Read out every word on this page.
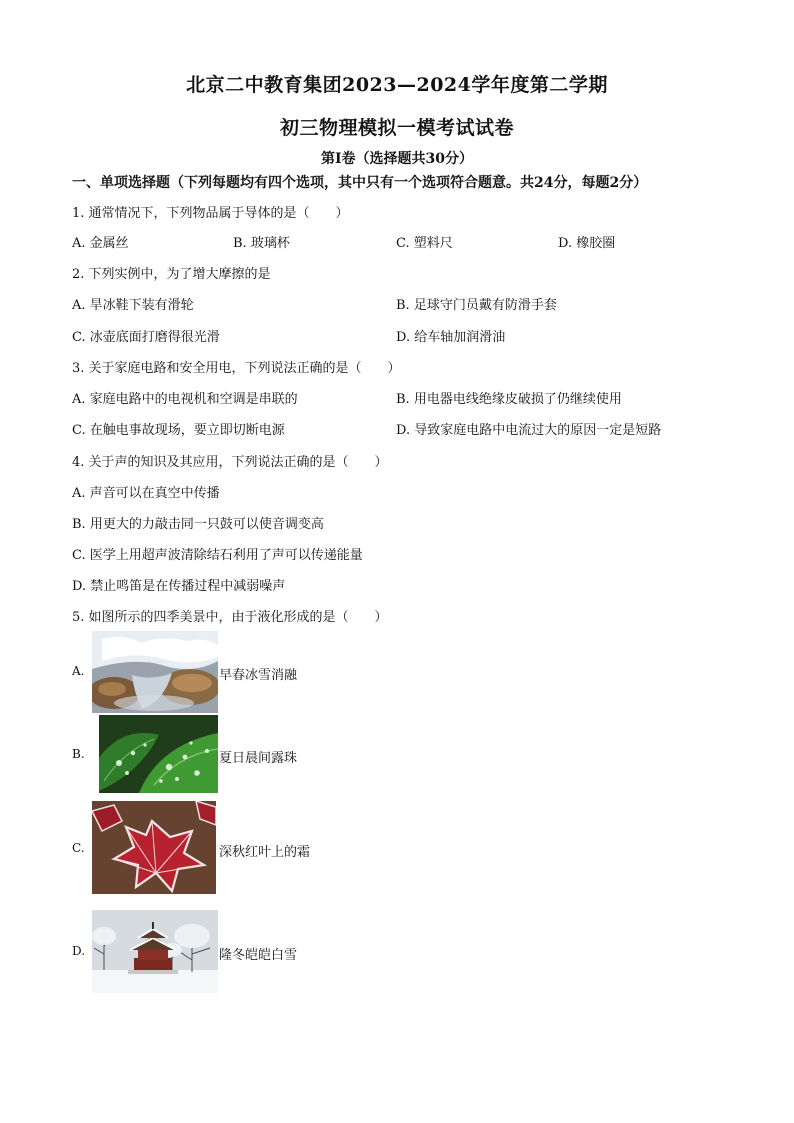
北京二中教育集团2023—2024学年度第二学期
初三物理模拟一模考试试卷
第Ⅰ卷（选择题共30分）
一、单项选择题（下列每题均有四个选项，其中只有一个选项符合题意。共24分，每题2分）
1. 通常情况下，下列物品属于导体的是（　　）
A. 金属丝	B. 玻璃杯	C. 塑料尺	D. 橡胶圈
2. 下列实例中，为了增大摩擦的是
A. 旱冰鞋下装有滑轮	B. 足球守门员戴有防滑手套
C. 冰壶底面打磨得很光滑	D. 给车轴加润滑油
3. 关于家庭电路和安全用电，下列说法正确的是（　　）
A. 家庭电路中的电视机和空调是串联的	B. 用电器电线绝缘皮破损了仍继续使用
C. 在触电事故现场，要立即切断电源	D. 导致家庭电路中电流过大的原因一定是短路
4. 关于声的知识及其应用，下列说法正确的是（　　）
A. 声音可以在真空中传播
B. 用更大的力敲击同一只鼓可以使音调变高
C. 医学上用超声波清除结石利用了声可以传递能量
D. 禁止鸣笛是在传播过程中减弱噪声
5. 如图所示的四季美景中，由于液化形成的是（　　）
A.	早春冰雪消融
B.	夏日晨间露珠
C.	深秋红叶上的霜
D.	隆冬皑皑白雪
